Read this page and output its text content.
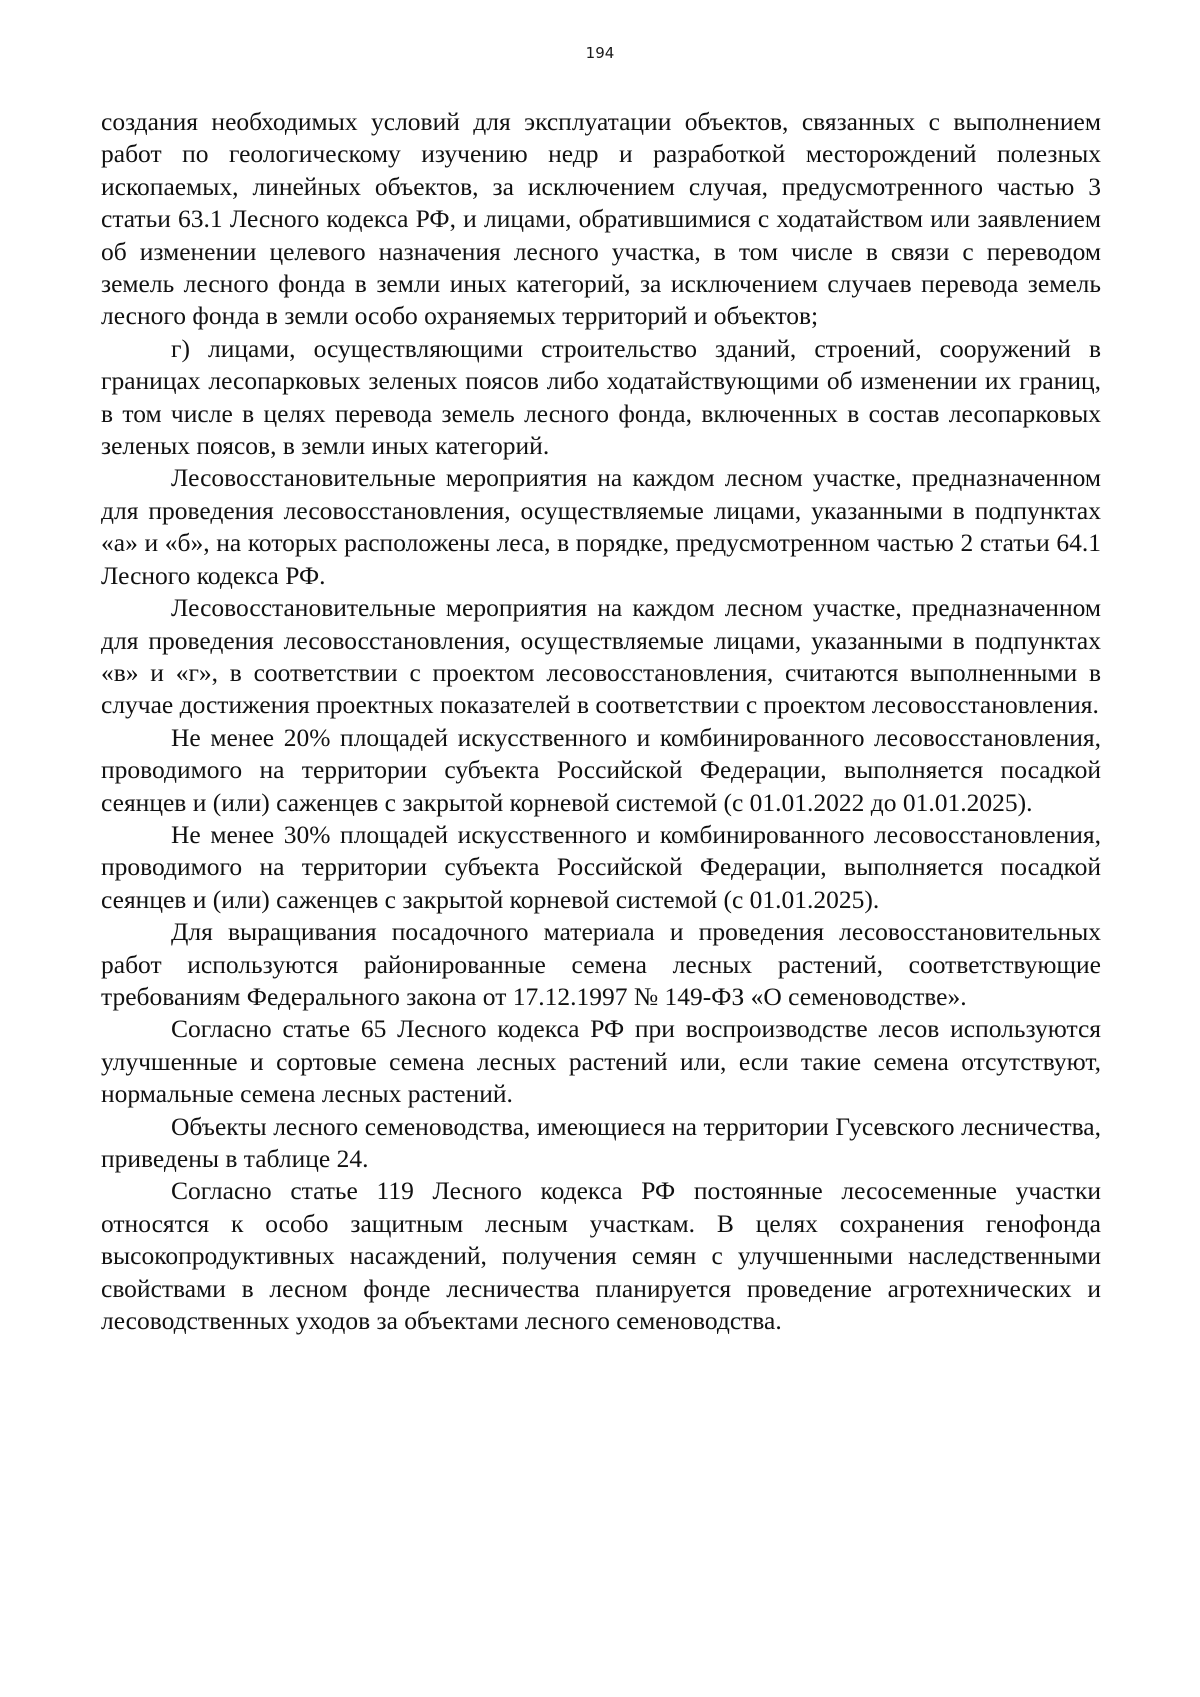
194

создания необходимых условий для эксплуатации объектов, связанных с выполнением работ по геологическому изучению недр и разработкой месторождений полезных ископаемых, линейных объектов, за исключением случая, предусмотренного частью 3 статьи 63.1 Лесного кодекса РФ, и лицами, обратившимися с ходатайством или заявлением об изменении целевого назначения лесного участка, в том числе в связи с переводом земель лесного фонда в земли иных категорий, за исключением случаев перевода земель лесного фонда в земли особо охраняемых территорий и объектов;

г) лицами, осуществляющими строительство зданий, строений, сооружений в границах лесопарковых зеленых поясов либо ходатайствующими об изменении их границ, в том числе в целях перевода земель лесного фонда, включенных в состав лесопарковых зеленых поясов, в земли иных категорий.

Лесовосстановительные мероприятия на каждом лесном участке, предназначенном для проведения лесовосстановления, осуществляемые лицами, указанными в подпунктах «а» и «б», на которых расположены леса, в порядке, предусмотренном частью 2 статьи 64.1 Лесного кодекса РФ.

Лесовосстановительные мероприятия на каждом лесном участке, предназначенном для проведения лесовосстановления, осуществляемые лицами, указанными в подпунктах «в» и «г», в соответствии с проектом лесовосстановления, считаются выполненными в случае достижения проектных показателей в соответствии с проектом лесовосстановления.

Не менее 20% площадей искусственного и комбинированного лесовосстановления, проводимого на территории субъекта Российской Федерации, выполняется посадкой сеянцев и (или) саженцев с закрытой корневой системой (с 01.01.2022 до 01.01.2025).

Не менее 30% площадей искусственного и комбинированного лесовосстановления, проводимого на территории субъекта Российской Федерации, выполняется посадкой сеянцев и (или) саженцев с закрытой корневой системой (с 01.01.2025).

Для выращивания посадочного материала и проведения лесовосстановительных работ используются районированные семена лесных растений, соответствующие требованиям Федерального закона от 17.12.1997 № 149-ФЗ «О семеноводстве».

Согласно статье 65 Лесного кодекса РФ при воспроизводстве лесов используются улучшенные и сортовые семена лесных растений или, если такие семена отсутствуют, нормальные семена лесных растений.

Объекты лесного семеноводства, имеющиеся на территории Гусевского лесничества, приведены в таблице 24.

Согласно статье 119 Лесного кодекса РФ постоянные лесосеменные участки относятся к особо защитным лесным участкам. В целях сохранения генофонда высокопродуктивных насаждений, получения семян с улучшенными наследственными свойствами в лесном фонде лесничества планируется проведение агротехнических и лесоводственных уходов за объектами лесного семеноводства.
